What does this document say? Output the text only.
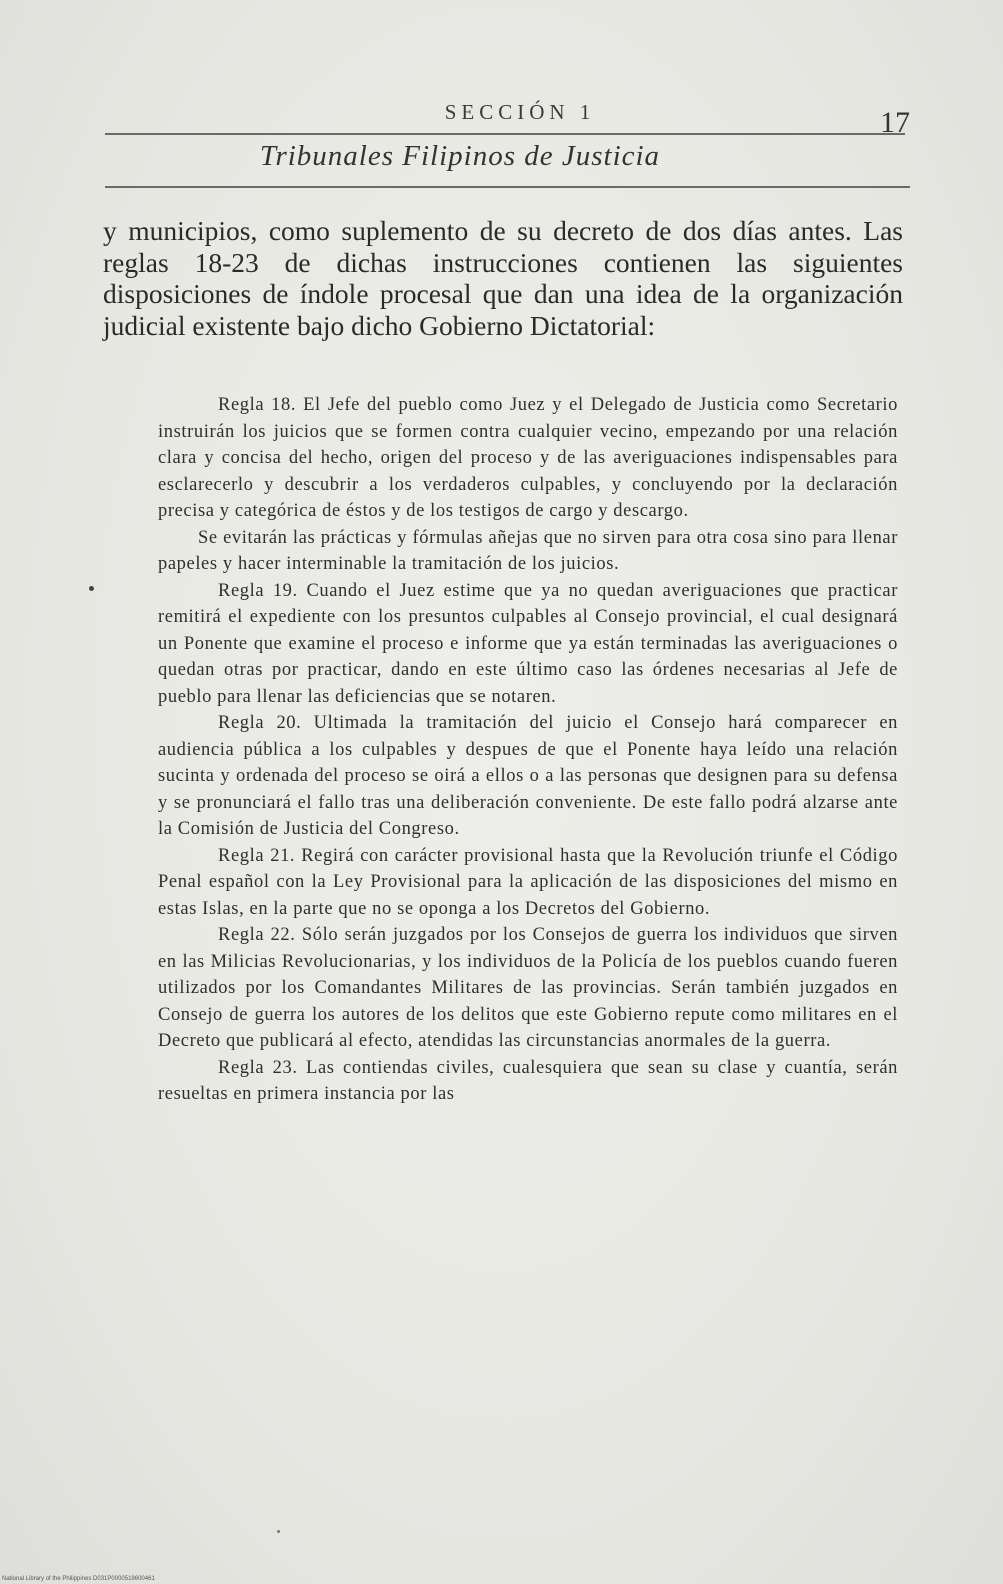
SECCIÓN 1	17
Tribunales Filipinos de Justicia
y municipios, como suplemento de su decreto de dos días antes. Las reglas 18-23 de dichas instrucciones contienen las siguientes disposiciones de índole procesal que dan una idea de la organización judicial existente bajo dicho Gobierno Dictatorial:

Regla 18. El Jefe del pueblo como Juez y el Delegado de Justicia como Secretario instruirán los juicios que se formen contra cualquier vecino, empezando por una relación clara y concisa del hecho, origen del proceso y de las averiguaciones indispensables para esclarecerlo y descubrir a los verdaderos culpables, y concluyendo por la declaración precisa y categórica de éstos y de los testigos de cargo y descargo.

Se evitarán las prácticas y fórmulas añejas que no sirven para otra cosa sino para llenar papeles y hacer interminable la tramitación de los juicios.

Regla 19. Cuando el Juez estime que ya no quedan averiguaciones que practicar remitirá el expediente con los presuntos culpables al Consejo provincial, el cual designará un Ponente que examine el proceso e informe que ya están terminadas las averiguaciones o quedan otras por practicar, dando en este último caso las órdenes necesarias al Jefe de pueblo para llenar las deficiencias que se notaren.

Regla 20. Ultimada la tramitación del juicio el Consejo hará comparecer en audiencia pública a los culpables y despues de que el Ponente haya leído una relación sucinta y ordenada del proceso se oirá a ellos o a las personas que designen para su defensa y se pronunciará el fallo tras una deliberación conveniente. De este fallo podrá alzarse ante la Comisión de Justicia del Congreso.

Regla 21. Regirá con carácter provisional hasta que la Revolución triunfe el Código Penal español con la Ley Provisional para la aplicación de las disposiciones del mismo en estas Islas, en la parte que no se oponga a los Decretos del Gobierno.

Regla 22. Sólo serán juzgados por los Consejos de guerra los individuos que sirven en las Milicias Revolucionarias, y los individuos de la Policía de los pueblos cuando fueren utilizados por los Comandantes Militares de las provincias. Serán también juzgados en Consejo de guerra los autores de los delitos que este Gobierno repute como militares en el Decreto que publicará al efecto, atendidas las circunstancias anormales de la guerra.

Regla 23. Las contiendas civiles, cualesquiera que sean su clase y cuantía, serán resueltas en primera instancia por las

National Library of the Philippines D031P0000519600461
